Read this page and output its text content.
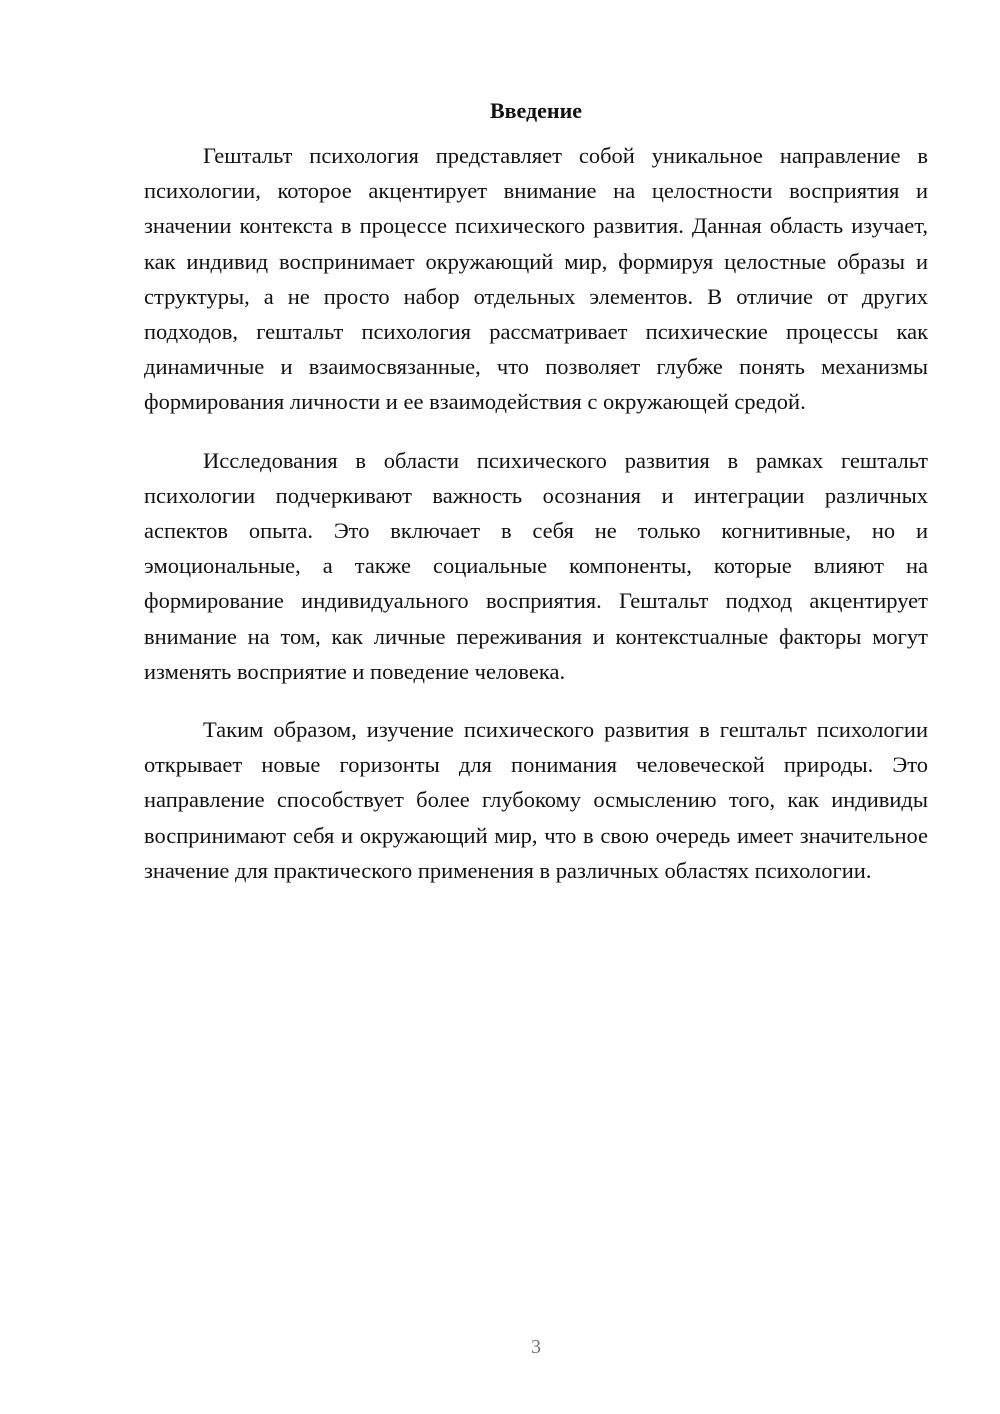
Введение

Гештальт психология представляет собой уникальное направление в психологии, которое акцентирует внимание на целостности восприятия и значении контекста в процессе психического развития. Данная область изучает, как индивид воспринимает окружающий мир, формируя целостные образы и структуры, а не просто набор отдельных элементов. В отличие от других подходов, гештальт психология рассматривает психические процессы как динамичные и взаимосвязанные, что позволяет глубже понять механизмы формирования личности и ее взаимодействия с окружающей средой.

Исследования в области психического развития в рамках гештальт психологии подчеркивают важность осознания и интеграции различных аспектов опыта. Это включает в себя не только когнитивные, но и эмоциональные, а также социальные компоненты, которые влияют на формирование индивидуального восприятия. Гештальт подход акцентирует внимание на том, как личные переживания и контекстuaлные факторы могут изменять восприятие и поведение человека.

Таким образом, изучение психического развития в гештальт психологии открывает новые горизонты для понимания человеческой природы. Это направление способствует более глубокому осмыслению того, как индивиды воспринимают себя и окружающий мир, что в свою очередь имеет значительное значение для практического применения в различных областях психологии.

3
